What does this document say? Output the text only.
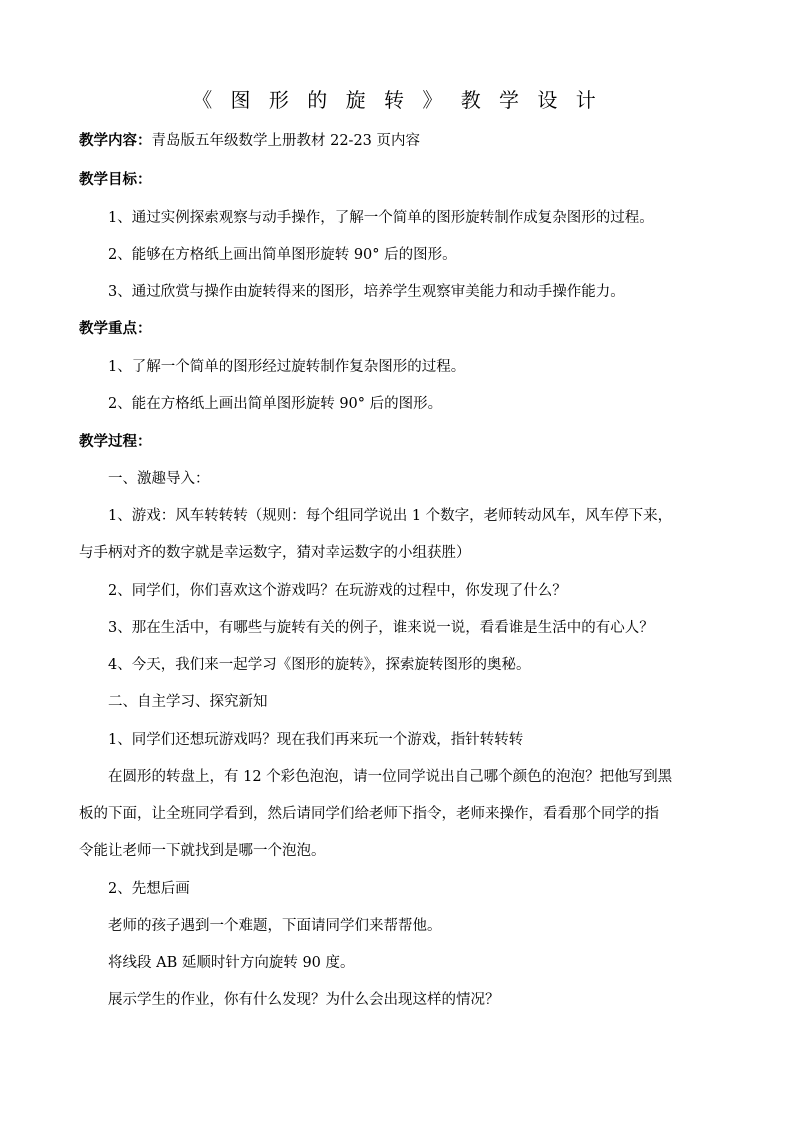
《 图 形 的 旋 转 》 教 学 设 计
教学内容：青岛版五年级数学上册教材 22-23 页内容
教学目标：
1、通过实例探索观察与动手操作，了解一个简单的图形旋转制作成复杂图形的过程。
2、能够在方格纸上画出简单图形旋转 90° 后的图形。
3、通过欣赏与操作由旋转得来的图形，培养学生观察审美能力和动手操作能力。
教学重点：
1、了解一个简单的图形经过旋转制作复杂图形的过程。
2、能在方格纸上画出简单图形旋转 90° 后的图形。
教学过程：
一、激趣导入：
1、游戏：风车转转转（规则：每个组同学说出 1 个数字，老师转动风车，风车停下来，
与手柄对齐的数字就是幸运数字，猜对幸运数字的小组获胜）
2、同学们，你们喜欢这个游戏吗？在玩游戏的过程中，你发现了什么？
3、那在生活中，有哪些与旋转有关的例子，谁来说一说，看看谁是生活中的有心人？
4、今天，我们来一起学习《图形的旋转》，探索旋转图形的奥秘。
二、自主学习、探究新知
1、同学们还想玩游戏吗？现在我们再来玩一个游戏，指针转转转
在圆形的转盘上，有 12 个彩色泡泡，请一位同学说出自己哪个颜色的泡泡？把他写到黑
板的下面，让全班同学看到，然后请同学们给老师下指令，老师来操作，看看那个同学的指
令能让老师一下就找到是哪一个泡泡。
2、先想后画
老师的孩子遇到一个难题，下面请同学们来帮帮他。
将线段 AB 延顺时针方向旋转 90 度。
展示学生的作业，你有什么发现？为什么会出现这样的情况？
